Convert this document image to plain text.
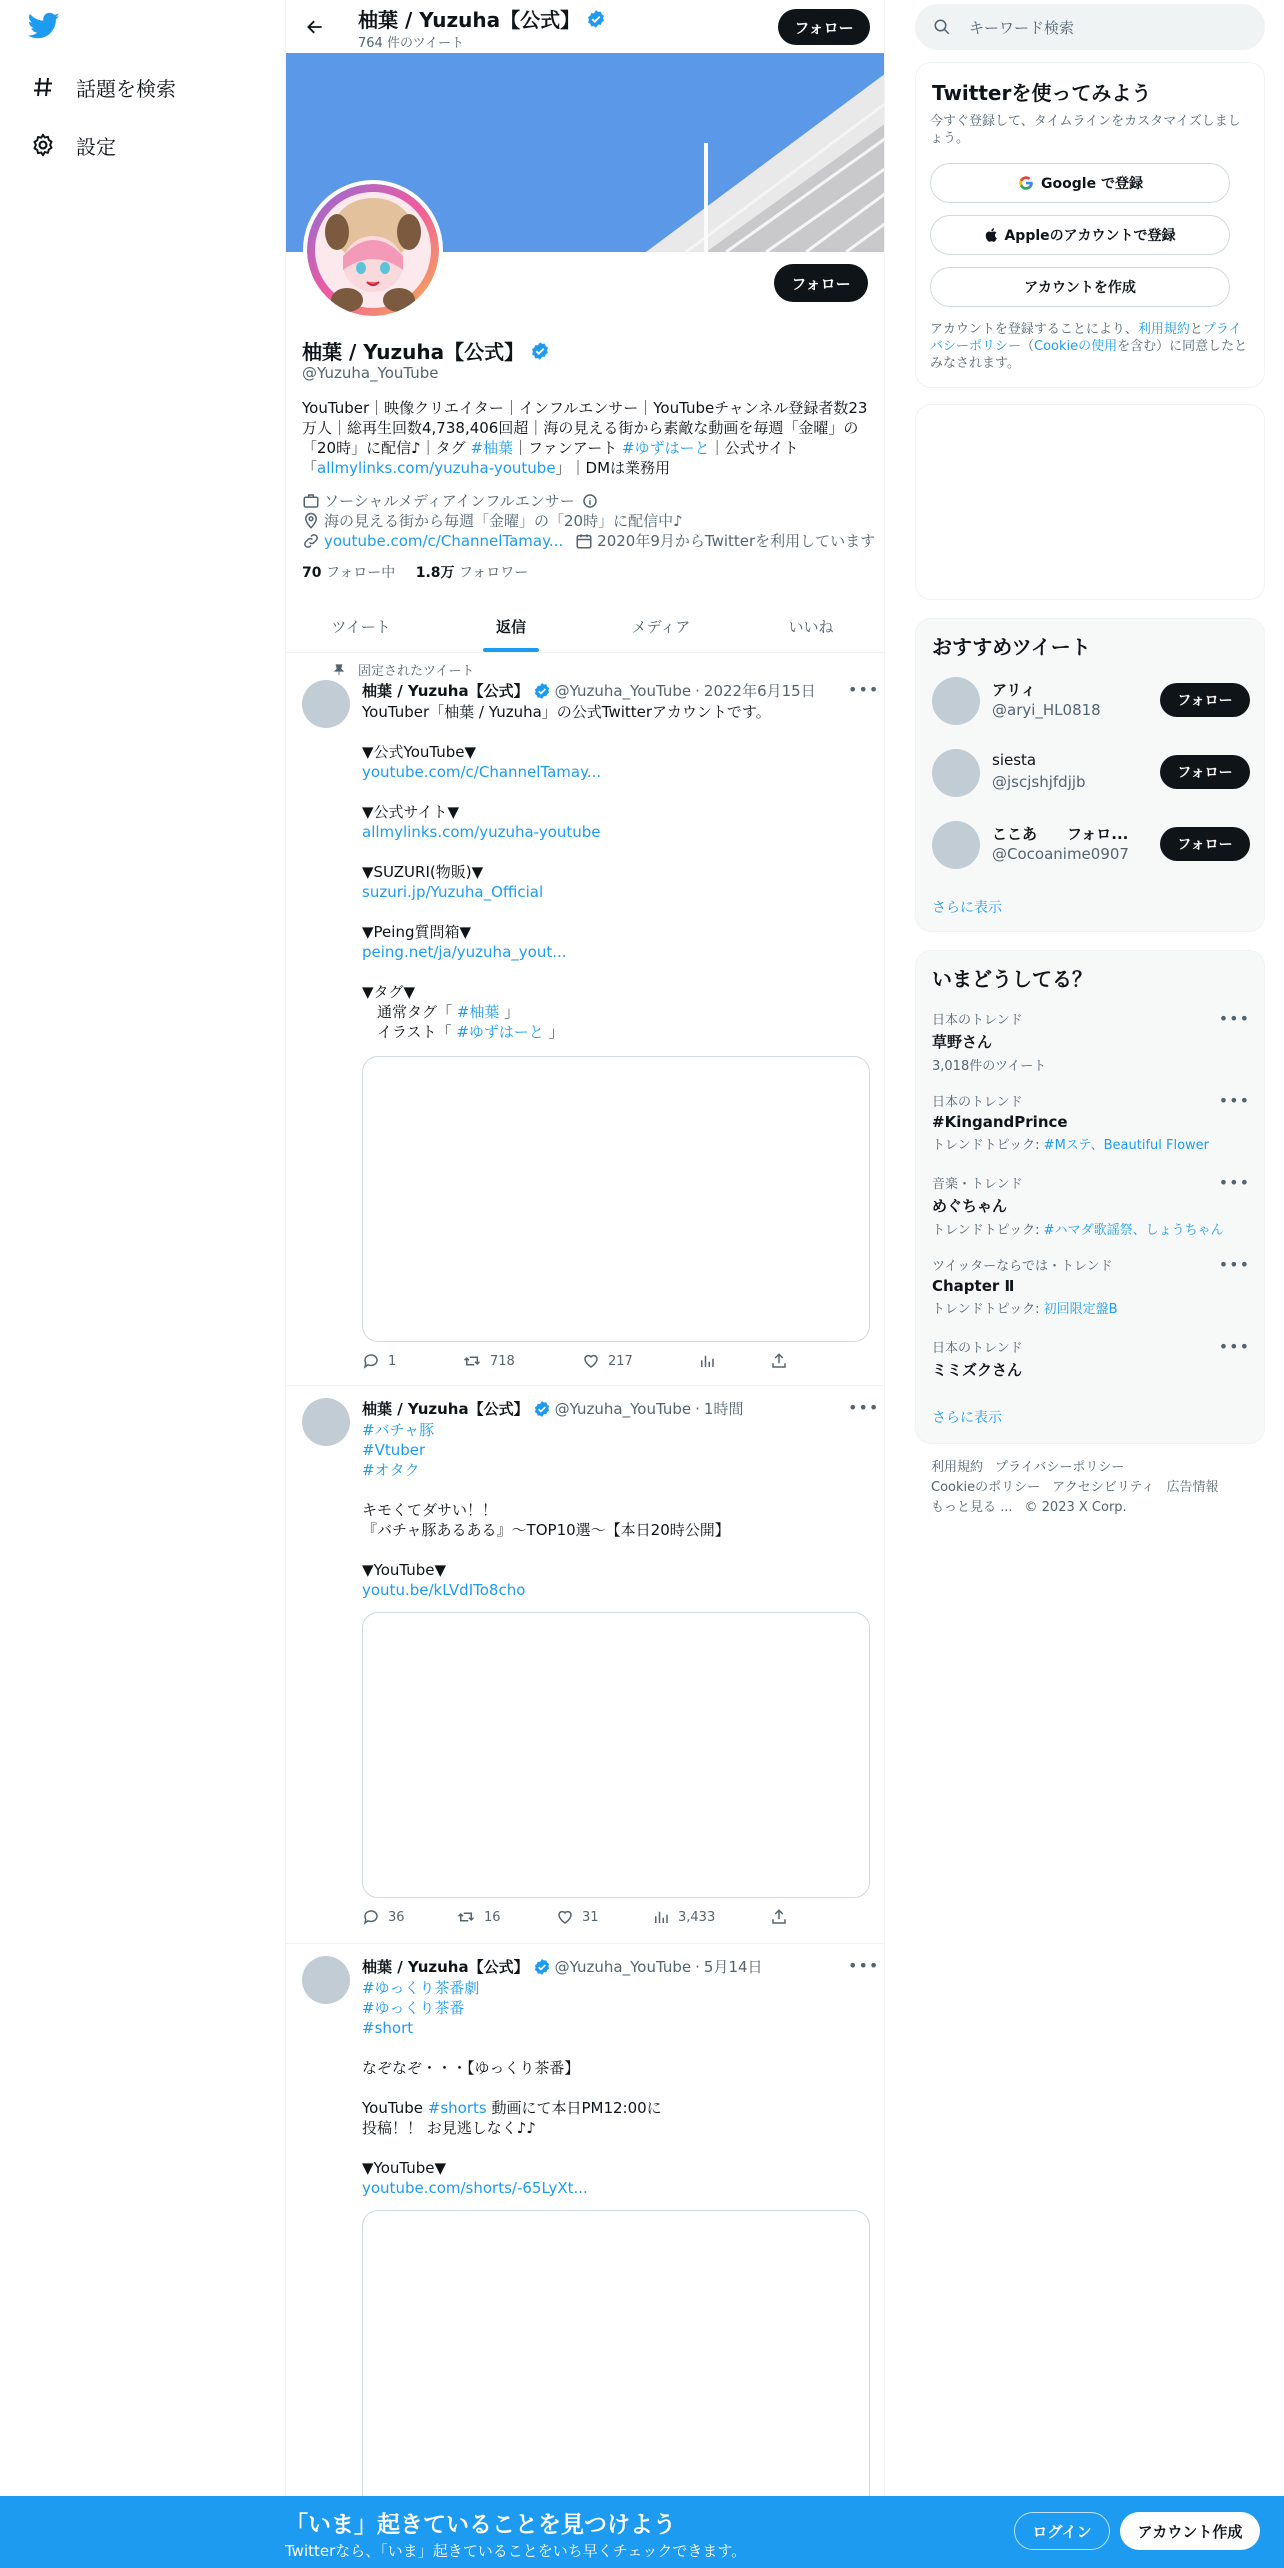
話題を検索
設定
柚葉 / Yuzuha【公式】
764 件のツイート
フォロー
フォロー
柚葉 / Yuzuha【公式】
@Yuzuha_YouTube
YouTuber｜映像クリエイター｜インフルエンサー｜YouTubeチャンネル登録者数23
万人｜総再生回数4,738,406回超｜海の見える街から素敵な動画を毎週「金曜」の
「20時」に配信♪｜タグ #柚葉｜ファンアート #ゆずはーと｜公式サイト
「allmylinks.com/yuzuha-youtube」｜DMは業務用
ソーシャルメディアインフルエンサー
海の見える街から毎週「金曜」の「20時」に配信中♪
youtube.com/c/ChannelTamay... 2020年9月からTwitterを利用しています
70 フォロー中 1.8万 フォロワー
ツイート	返信	メディア	いいね
固定されたツイート
柚葉 / Yuzuha【公式】 @Yuzuha_YouTube · 2022年6月15日 •••
YouTuber「柚葉 / Yuzuha」の公式Twitterアカウントです。
▼公式YouTube▼
youtube.com/c/ChannelTamay...
▼公式サイト▼
allmylinks.com/yuzuha-youtube
▼SUZURI(物販)▼
suzuri.jp/Yuzuha_Official
▼Peing質問箱▼
peing.net/ja/yuzuha_yout...
▼タグ▼
　通常タグ「 #柚葉 」
　イラスト「 #ゆずはーと 」
1	718	217
柚葉 / Yuzuha【公式】 @Yuzuha_YouTube · 1時間	•••
#バチャ豚
#Vtuber
#オタク
キモくてダサい！！
『バチャ豚あるある』～TOP10選～【本日20時公開】
▼YouTube▼
youtu.be/kLVdITo8cho
36	16	31	3,433
柚葉 / Yuzuha【公式】 @Yuzuha_YouTube · 5月14日	•••
#ゆっくり茶番劇
#ゆっくり茶番
#short
なぞなぞ・・・【ゆっくり茶番】
YouTube #shorts 動画にて本日PM12:00に
投稿！！ お見逃しなく♪♪
▼YouTube▼
youtube.com/shorts/-65LyXt...
キーワード検索
Twitterを使ってみよう
今すぐ登録して、タイムラインをカスタマイズしましょう。
Google で登録
Appleのアカウントで登録
アカウントを作成
アカウントを登録することにより、利用規約とプライバシーポリシー（Cookieの使用を含む）に同意したとみなされます。
おすすめツイート
アリィ
@aryi_HL0818	フォロー
siesta
@jscjshjfdjjb	フォロー
ここあ　　フォロ...
@Cocoanime0907	フォロー
さらに表示
いまどうしてる？
日本のトレンド
草野さん
3,018件のツイート
•••
日本のトレンド
#KingandPrince
トレンドトピック: #Mステ、Beautiful Flower
•••
音楽・トレンド
めぐちゃん
トレンドトピック: #ハマダ歌謡祭、しょうちゃん
•••
ツイッターならでは・トレンド
Chapter Ⅱ
トレンドトピック: 初回限定盤B
•••
日本のトレンド
ミミズクさん
•••
さらに表示
利用規約 プライバシーポリシー
Cookieのポリシー アクセシビリティ 広告情報
もっと見る ... © 2023 X Corp.
「いま」起きていることを見つけよう
Twitterなら、「いま」起きていることをいち早くチェックできます。
ログイン	アカウント作成
